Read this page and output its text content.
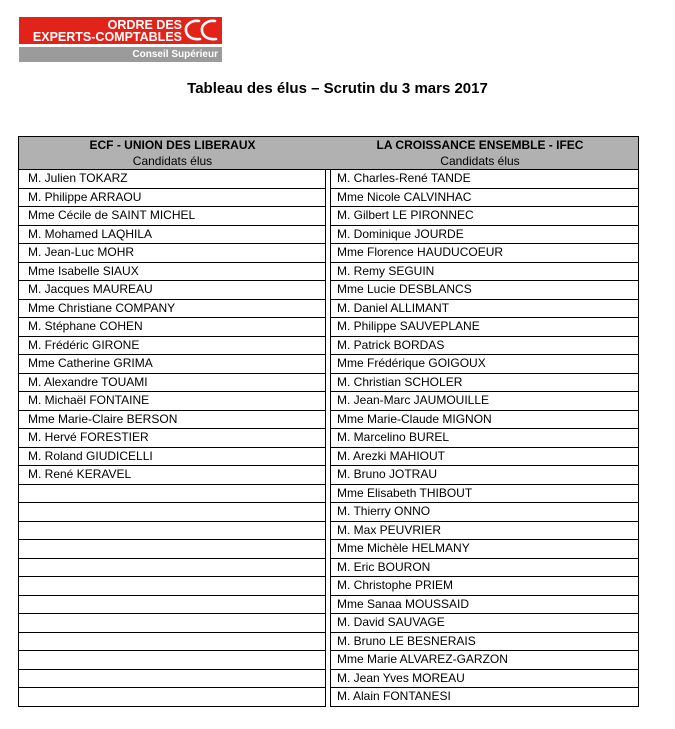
ORDRE DES
EXPERTS-COMPTABLES
Conseil Supérieur
Tableau des élus – Scrutin du 3 mars 2017
ECF - UNION DES LIBERAUX
Candidats élus
LA CROISSANCE ENSEMBLE - IFEC
Candidats élus		

M. Julien TOKARZ		M. Charles-René TANDE
M. Philippe ARRAOU		Mme Nicole CALVINHAC
Mme Cécile de SAINT MICHEL		M. Gilbert LE PIRONNEC
M. Mohamed LAQHILA		M. Dominique JOURDE
M. Jean-Luc MOHR		Mme Florence HAUDUCOEUR
Mme Isabelle SIAUX		M. Remy SEGUIN
M. Jacques MAUREAU		Mme Lucie DESBLANCS
Mme Christiane COMPANY		M. Daniel ALLIMANT
M. Stéphane COHEN		M. Philippe SAUVEPLANE
M. Frédéric GIRONE		M. Patrick BORDAS
Mme Catherine GRIMA		Mme Frédérique GOIGOUX
M. Alexandre TOUAMI		M. Christian SCHOLER
M. Michaël FONTAINE		M. Jean-Marc JAUMOUILLE
Mme Marie-Claire BERSON		Mme Marie-Claude MIGNON
M. Hervé FORESTIER		M. Marcelino BUREL
M. Roland GIUDICELLI		M. Arezki MAHIOUT
M. René KERAVEL		M. Bruno JOTRAU
		Mme Elisabeth THIBOUT
		M. Thierry ONNO
		M. Max PEUVRIER
		Mme Michèle HELMANY
		M. Eric BOURON
		M. Christophe PRIEM
		Mme Sanaa MOUSSAID
		M. David SAUVAGE
		M. Bruno LE BESNERAIS
		Mme Marie ALVAREZ-GARZON
		M. Jean Yves MOREAU
		M. Alain FONTANESI
